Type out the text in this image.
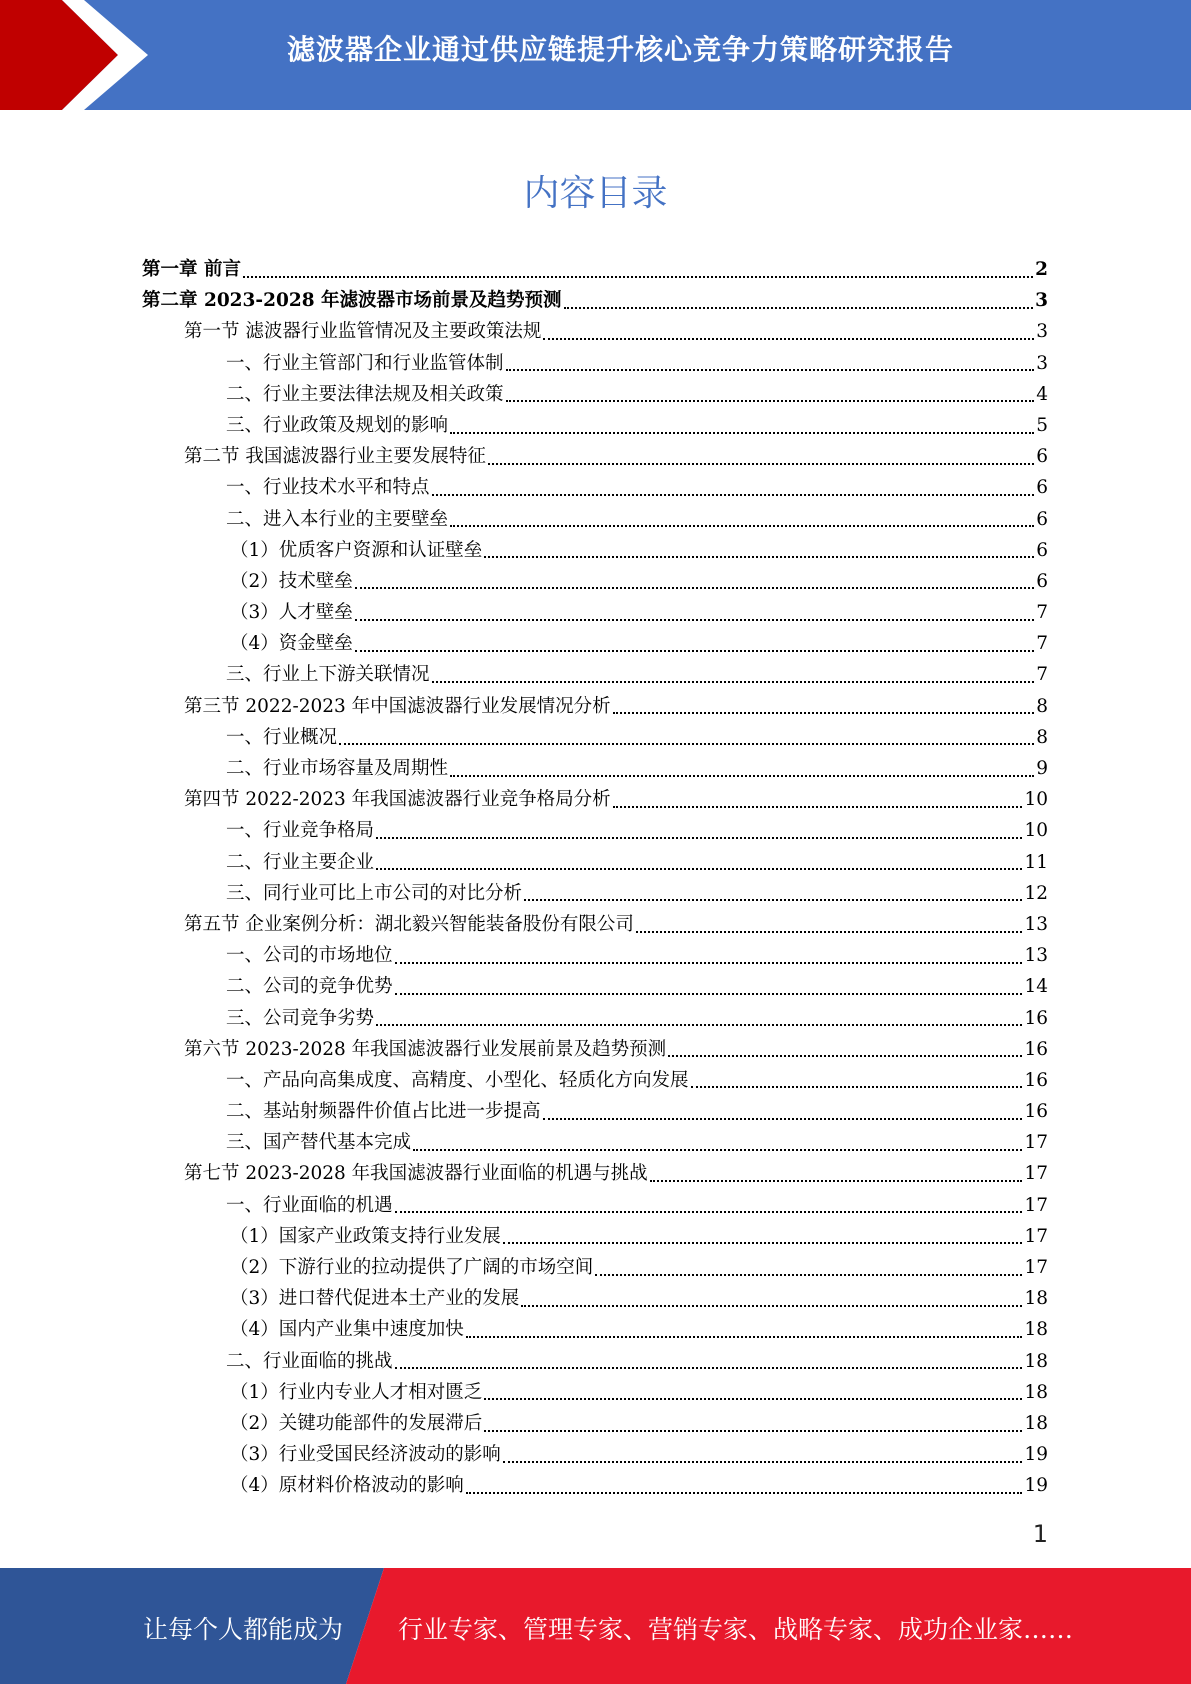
滤波器企业通过供应链提升核心竞争力策略研究报告
内容目录
第一章 前言	2
第二章 2023-2028 年滤波器市场前景及趋势预测	3
第一节 滤波器行业监管情况及主要政策法规	3
一、行业主管部门和行业监管体制	3
二、行业主要法律法规及相关政策	4
三、行业政策及规划的影响	5
第二节 我国滤波器行业主要发展特征	6
一、行业技术水平和特点	6
二、进入本行业的主要壁垒	6
（1）优质客户资源和认证壁垒	6
（2）技术壁垒	6
（3）人才壁垒	7
（4）资金壁垒	7
三、行业上下游关联情况	7
第三节 2022-2023 年中国滤波器行业发展情况分析	8
一、行业概况	8
二、行业市场容量及周期性	9
第四节 2022-2023 年我国滤波器行业竞争格局分析	10
一、行业竞争格局	10
二、行业主要企业	11
三、同行业可比上市公司的对比分析	12
第五节 企业案例分析：湖北毅兴智能装备股份有限公司	13
一、公司的市场地位	13
二、公司的竞争优势	14
三、公司竞争劣势	16
第六节 2023-2028 年我国滤波器行业发展前景及趋势预测	16
一、产品向高集成度、高精度、小型化、轻质化方向发展	16
二、基站射频器件价值占比进一步提高	16
三、国产替代基本完成	17
第七节 2023-2028 年我国滤波器行业面临的机遇与挑战	17
一、行业面临的机遇	17
（1）国家产业政策支持行业发展	17
（2）下游行业的拉动提供了广阔的市场空间	17
（3）进口替代促进本土产业的发展	18
（4）国内产业集中速度加快	18
二、行业面临的挑战	18
（1）行业内专业人才相对匮乏	18
（2）关键功能部件的发展滞后	18
（3）行业受国民经济波动的影响	19
（4）原材料价格波动的影响	19
1
让每个人都能成为 行业专家、管理专家、营销专家、战略专家、成功企业家……
